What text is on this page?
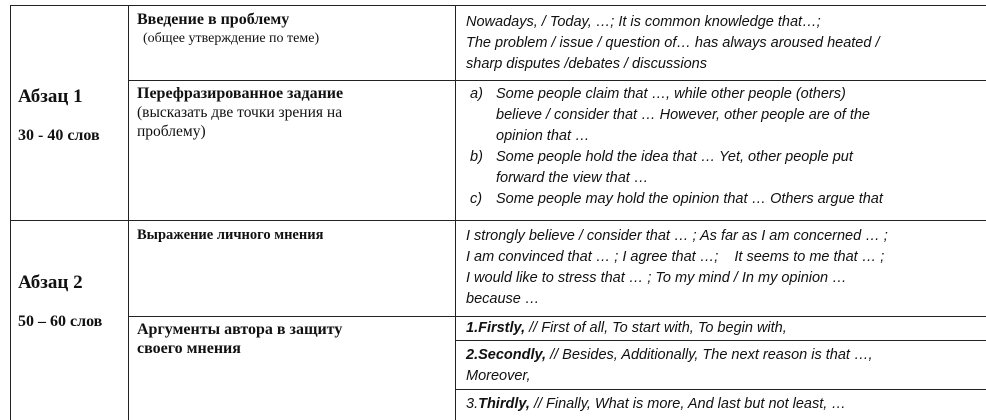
Абзац 1
30 - 40 слов
Введение в проблему
(общее утверждение по теме)
Nowadays, / Today, …; It is common knowledge that…;
The problem / issue / question of… has always aroused heated /
sharp disputes /debates / discussions
Перефразированное задание
(высказать две точки зрения на
проблему)
a) Some people claim that …, while other people (others)
believe / consider that … However, other people are of the
opinion that …
b) Some people hold the idea that … Yet, other people put
forward the view that …
c) Some people may hold the opinion that … Others argue that
Абзац 2
50 – 60 слов
Выражение личного мнения	I strongly believe / consider that … ; As far as I am concerned … ;
I am convinced that … ; I agree that …;    It seems to me that … ;
I would like to stress that … ; To my mind / In my opinion …
because …
Аргументы автора в защиту
своего мнения
1.Firstly, // First of all, To start with, To begin with,
2.Secondly, // Besides, Additionally, The next reason is that …,
Moreover,
3.Thirdly, // Finally, What is more, And last but not least, …
